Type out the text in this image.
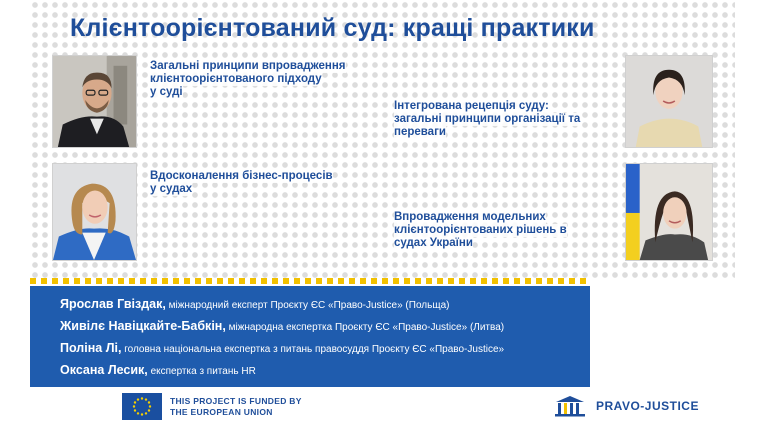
Клієнтоорієнтований суд: кращі практики
Загальні принципи впровадження
клієнтоорієнтованого підходу
у суді
Інтегрована рецепція суду:
загальні принципи організації та
переваги
Вдосконалення бізнес-процесів
у судах
Впровадження модельних
клієнтоорієнтованих рішень в
судах України
Ярослав Гвіздак, міжнародний експерт Проєкту ЄС «Право-Justice» (Польща)
Живілє Навіцкайте-Бабкін, міжнародна експертка Проєкту ЄС «Право-Justice» (Литва)
Поліна Лі, головна національна експертка з питань правосуддя Проєкту ЄС «Право-Justice»
Оксана Лесик, експертка з питань HR
THIS PROJECT IS FUNDED BY
THE EUROPEAN UNION	PRAVO-JUSTICE
